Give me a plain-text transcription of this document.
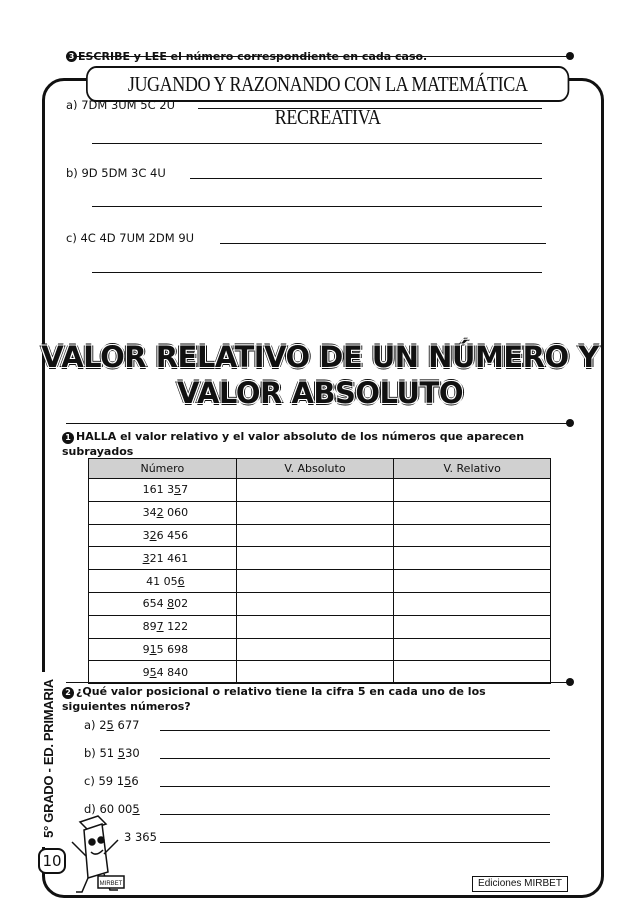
3 ESCRIBE y LEE el número correspondiente en cada caso.
JUGANDO Y RAZONANDO CON LA MATEMÁTICA RECREATIVA
a) 7DM 3UM 5C 2U
b) 9D 5DM 3C 4U
c) 4C 4D 7UM 2DM 9U
VALOR RELATIVO DE UN NÚMERO Y
VALOR ABSOLUTO
1 HALLA el valor relativo y el valor absoluto de los números que aparecen subrayados
Número	V. Absoluto	V. Relativo
161 357		
342 060		
326 456		
321 461		
41 056		
654 802		
897 122		
915 698		
954 840		
2 ¿Qué valor posicional o relativo tiene la cifra 5 en cada uno de los siguientes números?
a) 25 677
b) 51 530
c) 59 156
d) 60 005
3 365
5° GRADO - ED. PRIMARIA
MIRBET
10
Ediciones MIRBET
